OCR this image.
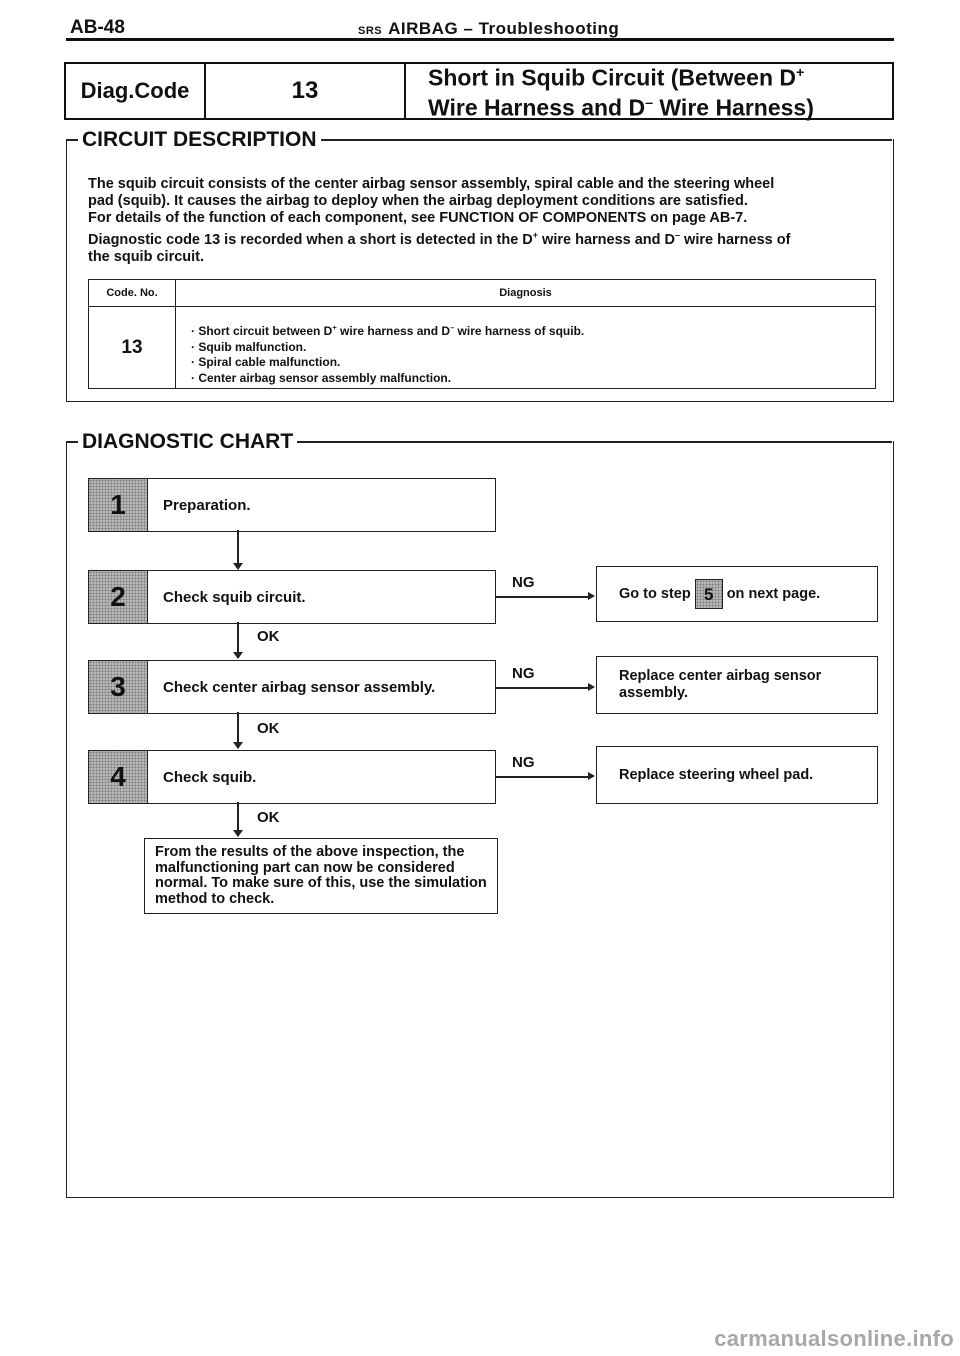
AB-48	SRS AIRBAG – Troubleshooting
Diag.Code	13	Short in Squib Circuit (Between D+
Wire Harness and D– Wire Harness)
CIRCUIT DESCRIPTION
The squib circuit consists of the center airbag sensor assembly, spiral cable and the steering wheel
pad (squib). It causes the airbag to deploy when the airbag deployment conditions are satisfied.
For details of the function of each component, see FUNCTION OF COMPONENTS on page AB-7.
Diagnostic code 13 is recorded when a short is detected in the D+ wire harness and D– wire harness of
the squib circuit.
Code. No.	Diagnosis
13
· Short circuit between D+ wire harness and D– wire harness of squib.
· Squib malfunction.
· Spiral cable malfunction.
· Center airbag sensor assembly malfunction.
DIAGNOSTIC CHART
1	Preparation.
2	Check squib circuit.
NG
Go to step 5 on next page.
OK
3	Check center airbag sensor assembly.
NG	Replace center airbag sensor assembly.
OK
4	Check squib.
NG
Replace steering wheel pad.
OK
From the results of the above inspection, the malfunctioning part can now be considered normal. To make sure of this, use the simulation method to check.
carmanualsonline.info
